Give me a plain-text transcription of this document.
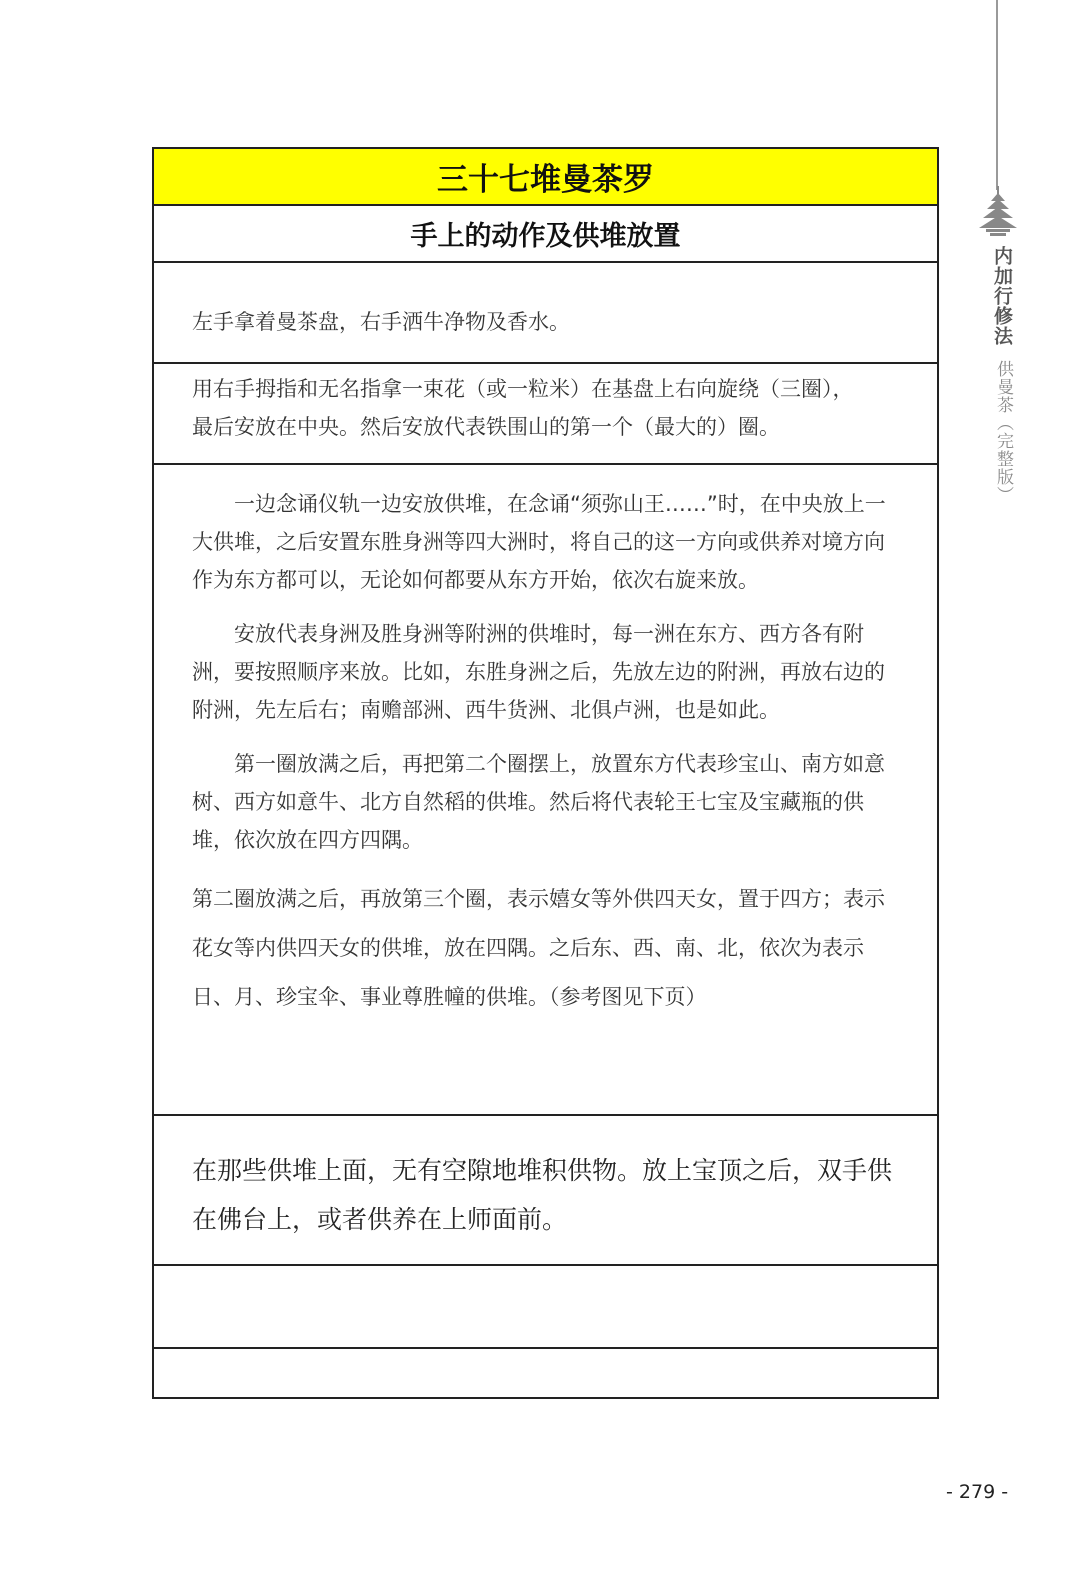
内加行修法
供曼茶（完整版）
三十七堆曼茶罗
手上的动作及供堆放置

左手拿着曼茶盘，右手洒牛净物及香水。

用右手拇指和无名指拿一束花（或一粒米）在基盘上右向旋绕（三圈），

最后安放在中央。然后安放代表铁围山的第一个（最大的）圈。

一边念诵仪轨一边安放供堆，在念诵“须弥山王……”时，在中央放上一大供堆，之后安置东胜身洲等四大洲时，将自己的这一方向或供养对境方向作为东方都可以，无论如何都要从东方开始，依次右旋来放。

安放代表身洲及胜身洲等附洲的供堆时，每一洲在东方、西方各有附洲，要按照顺序来放。比如，东胜身洲之后，先放左边的附洲，再放右边的附洲，先左后右；南赡部洲、西牛货洲、北俱卢洲，也是如此。

第一圈放满之后，再把第二个圈摆上，放置东方代表珍宝山、南方如意树、西方如意牛、北方自然稻的供堆。然后将代表轮王七宝及宝藏瓶的供堆，依次放在四方四隅。

第二圈放满之后，再放第三个圈，表示嬉女等外供四天女，置于四方；表示花女等内供四天女的供堆，放在四隅。之后东、西、南、北，依次为表示日、月、珍宝伞、事业尊胜幢的供堆。（参考图见下页）

在那些供堆上面，无有空隙地堆积供物。放上宝顶之后，双手供在佛台上，或者供养在上师面前。

- 279 -
